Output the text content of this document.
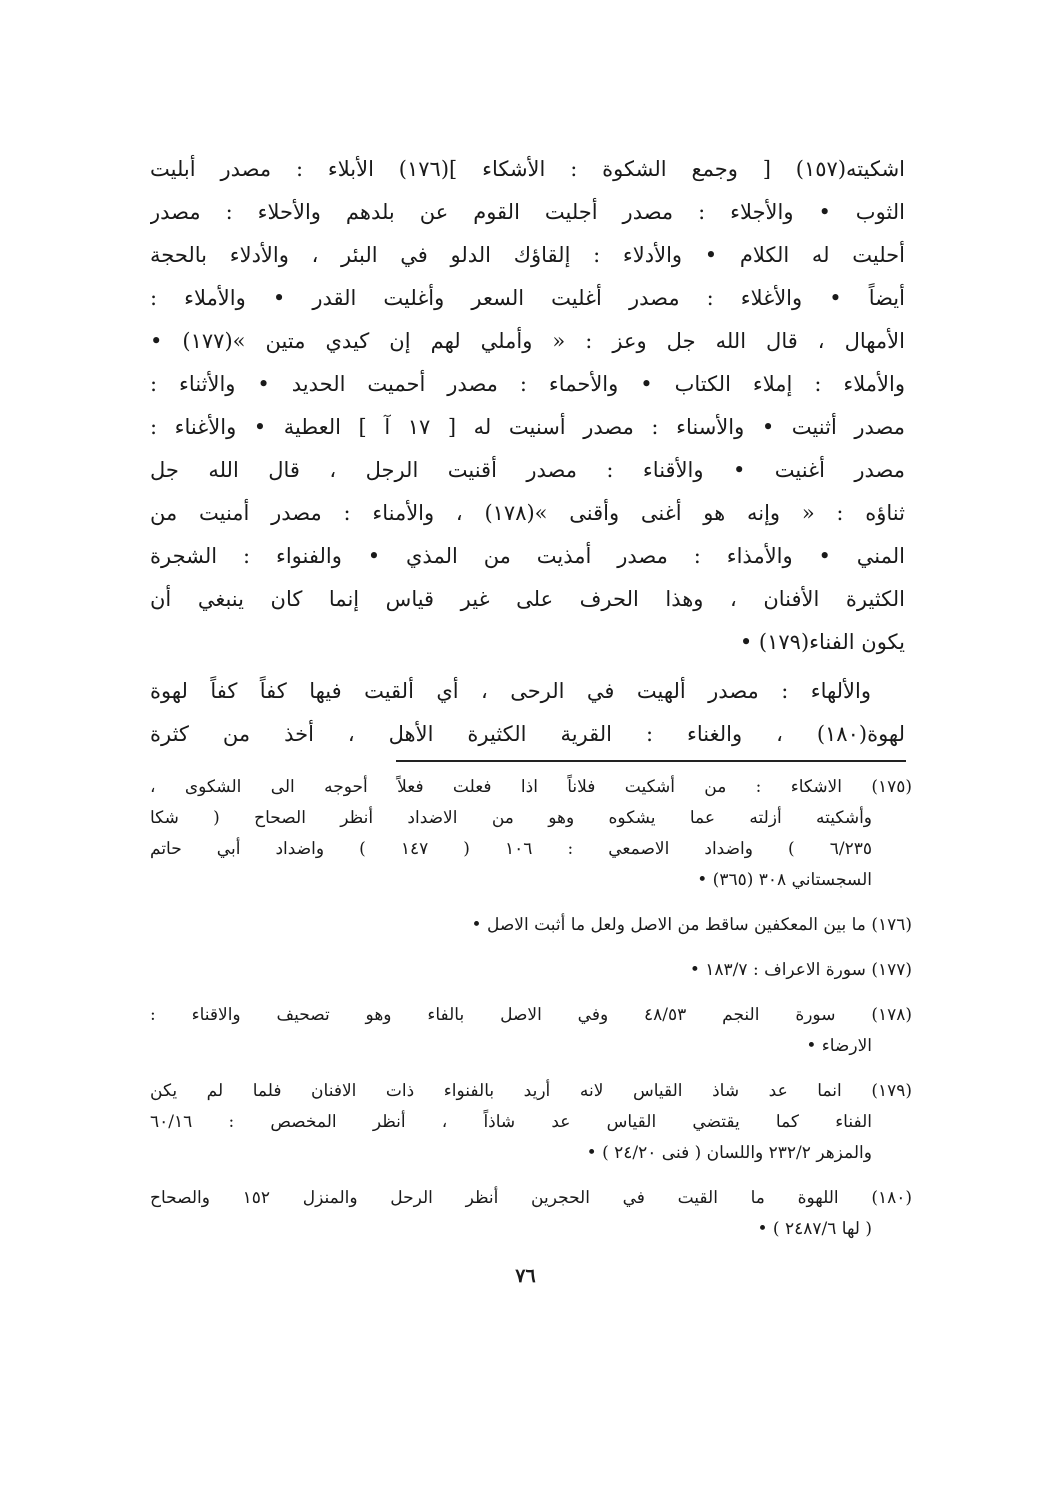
اشكيته(١٥٧) [ وجمع الشكوة : الأشكاء ](١٧٦) الأبلاء : مصدر أبليت
الثوب • والأجلاء : مصدر أجليت القوم عن بلدهم والأحلاء : مصدر
أحليت له الكلام • والأدلاء : إلقاؤك الدلو في البئر ، والأدلاء بالحجة
أيضاً • والأغلاء : مصدر أغليت السعر وأغليت القدر • والأملاء :
الأمهال ، قال الله جل وعز : « وأملي لهم إن كيدي متين »(١٧٧) •
والأملاء : إملاء الكتاب • والأحماء : مصدر أحميت الحديد • والأثناء :
مصدر أثنيت • والأسناء : مصدر أسنيت له [ ١٧ آ ] العطية • والأغناء :
مصدر أغنيت • والأقناء : مصدر أقنيت الرجل ، قال الله جل
ثناؤه : « وإنه هو أغنى وأقنى »(١٧٨) ، والأمناء : مصدر أمنيت من
المني • والأمذاء : مصدر أمذيت من المذي • والفنواء : الشجرة
الكثيرة الأفنان ، وهذا الحرف على غير قياس إنما كان ينبغي أن
يكون الفناء(١٧٩) •
والألهاء : مصدر ألهيت في الرحى ، أي ألقيت فيها كفاً كفاً لهوة
لهوة(١٨٠) ، والغناء : القرية الكثيرة الأهل ، أخذ من كثرة
(١٧٥) الاشكاء : من أشكيت فلاناً اذا فعلت فعلاً أحوجه الى الشكوى ،
وأشكيته أزلته عما يشكوه وهو من الاضداد أنظر الصحاح ( شكا
٦/٢٣٥ ) واضداد الاصمعي : ١٠٦ ( ١٤٧ ) واضداد أبي حاتم
السجستاني ٣٠٨ (٣٦٥) •
(١٧٦) ما بين المعكفين ساقط من الاصل ولعل ما أثبت الاصل •
(١٧٧) سورة الاعراف : ١٨٣/٧ •
(١٧٨) سورة النجم ٤٨/٥٣ وفي الاصل بالفاء وهو تصحيف والاقناء :
الارضاء •
(١٧٩) انما عد شاذ القياس لانه أريد بالفنواء ذات الافنان فلما لم يكن
الفناء كما يقتضي القياس عد شاذاً ، أنظر المخصص : ٦٠/١٦
والمزهر ٢٣٢/٢ واللسان ( فنى ٢٤/٢٠ ) •
(١٨٠) اللهوة ما القيت في الحجرين أنظر الرحل والمنزل ١٥٢ والصحاح
( لها ٢٤٨٧/٦ ) •
٧٦
